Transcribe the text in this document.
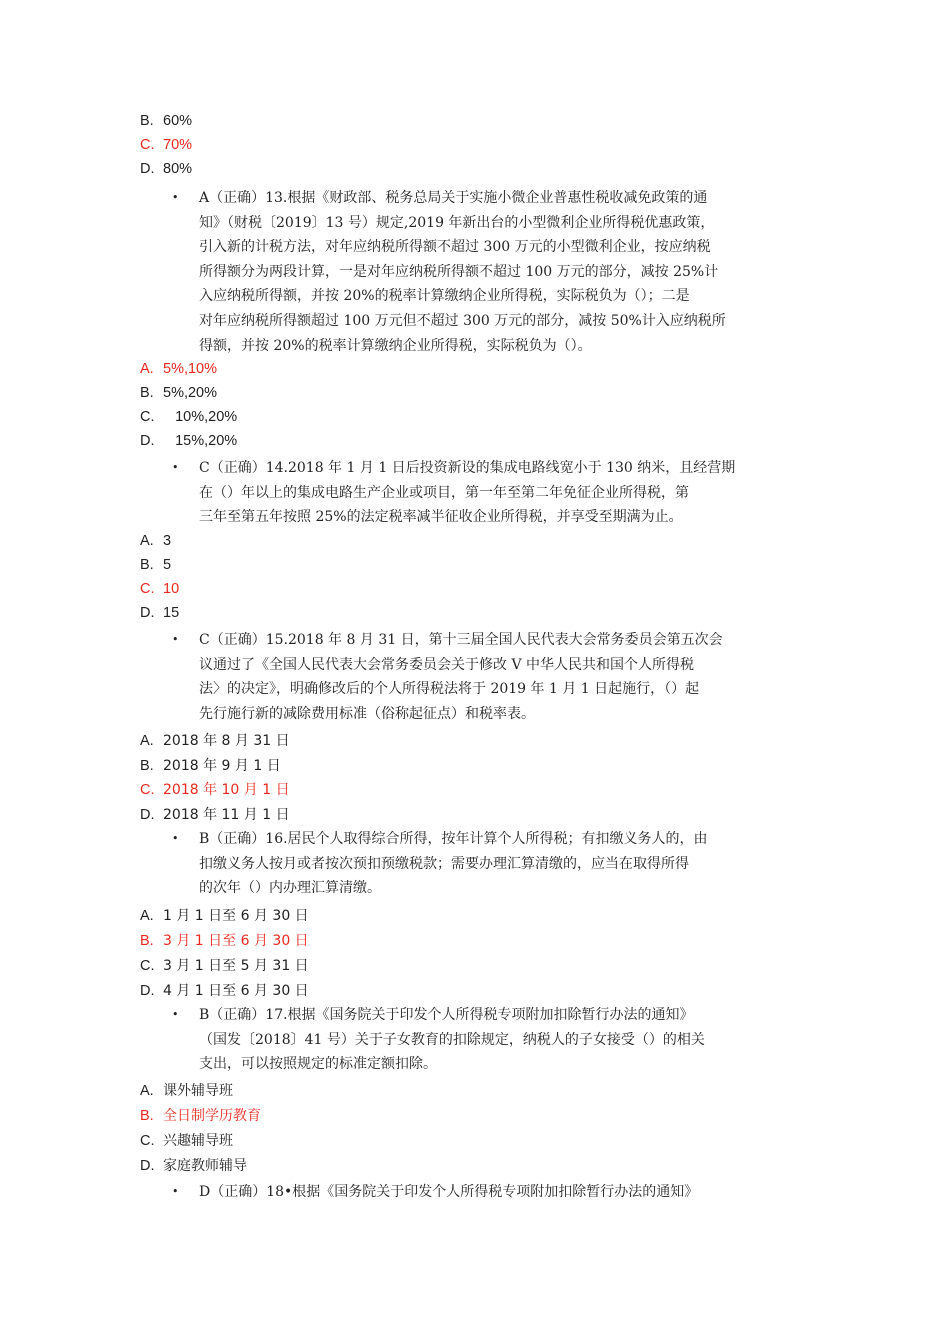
B. 60%
C. 70%
D. 80%
• A（正确）13.根据《财政部、税务总局关于实施小微企业普惠性税收减免政策的通

知》（财税〔2019〕13 号）规定,2019 年新出台的小型微利企业所得税优惠政策，

引入新的计税方法，对年应纳税所得额不超过 300 万元的小型微利企业，按应纳税

所得额分为两段计算，一是对年应纳税所得额不超过 100 万元的部分，减按 25%计

入应纳税所得额，并按 20%的税率计算缴纳企业所得税，实际税负为（）；二是

对年应纳税所得额超过 100 万元但不超过 300 万元的部分，减按 50%计入应纳税所

得额，并按 20%的税率计算缴纳企业所得税，实际税负为（）。

A. 5%,10%
B. 5%,20%
C.   10%,20%
D.   15%,20%
• C（正确）14.2018 年 1 月 1 日后投资新设的集成电路线宽小于 130 纳米，且经营期

在（）年以上的集成电路生产企业或项目，第一年至第二年免征企业所得税，第

三年至第五年按照 25%的法定税率减半征收企业所得税，并享受至期满为止。

A. 3
B. 5
C. 10
D. 15
• C（正确）15.2018 年 8 月 31 日，第十三届全国人民代表大会常务委员会第五次会

议通过了《全国人民代表大会常务委员会关于修改 V 中华人民共和国个人所得税

法〉的决定》，明确修改后的个人所得税法将于 2019 年 1 月 1 日起施行，（）起

先行施行新的减除费用标准（俗称起征点）和税率表。

A. 2018 年 8 月 31 日
B. 2018 年 9 月 1 日
C. 2018 年 10 月 1 日
D. 2018 年 11 月 1 日
• B（正确）16.居民个人取得综合所得，按年计算个人所得税；有扣缴义务人的，由

扣缴义务人按月或者按次预扣预缴税款；需要办理汇算清缴的，应当在取得所得

的次年（）内办理汇算清缴。

A. 1 月 1 日至 6 月 30 日
B. 3 月 1 日至 6 月 30 日
C. 3 月 1 日至 5 月 31 日
D. 4 月 1 日至 6 月 30 日
• B（正确）17.根据《国务院关于印发个人所得税专项附加扣除暂行办法的通知》

（国发〔2018〕41 号）关于子女教育的扣除规定，纳税人的子女接受（）的相关

支出，可以按照规定的标准定额扣除。

A. 课外辅导班
B. 全日制学历教育
C. 兴趣辅导班
D. 家庭教师辅导
• D（正确）18•根据《国务院关于印发个人所得税专项附加扣除暂行办法的通知》
